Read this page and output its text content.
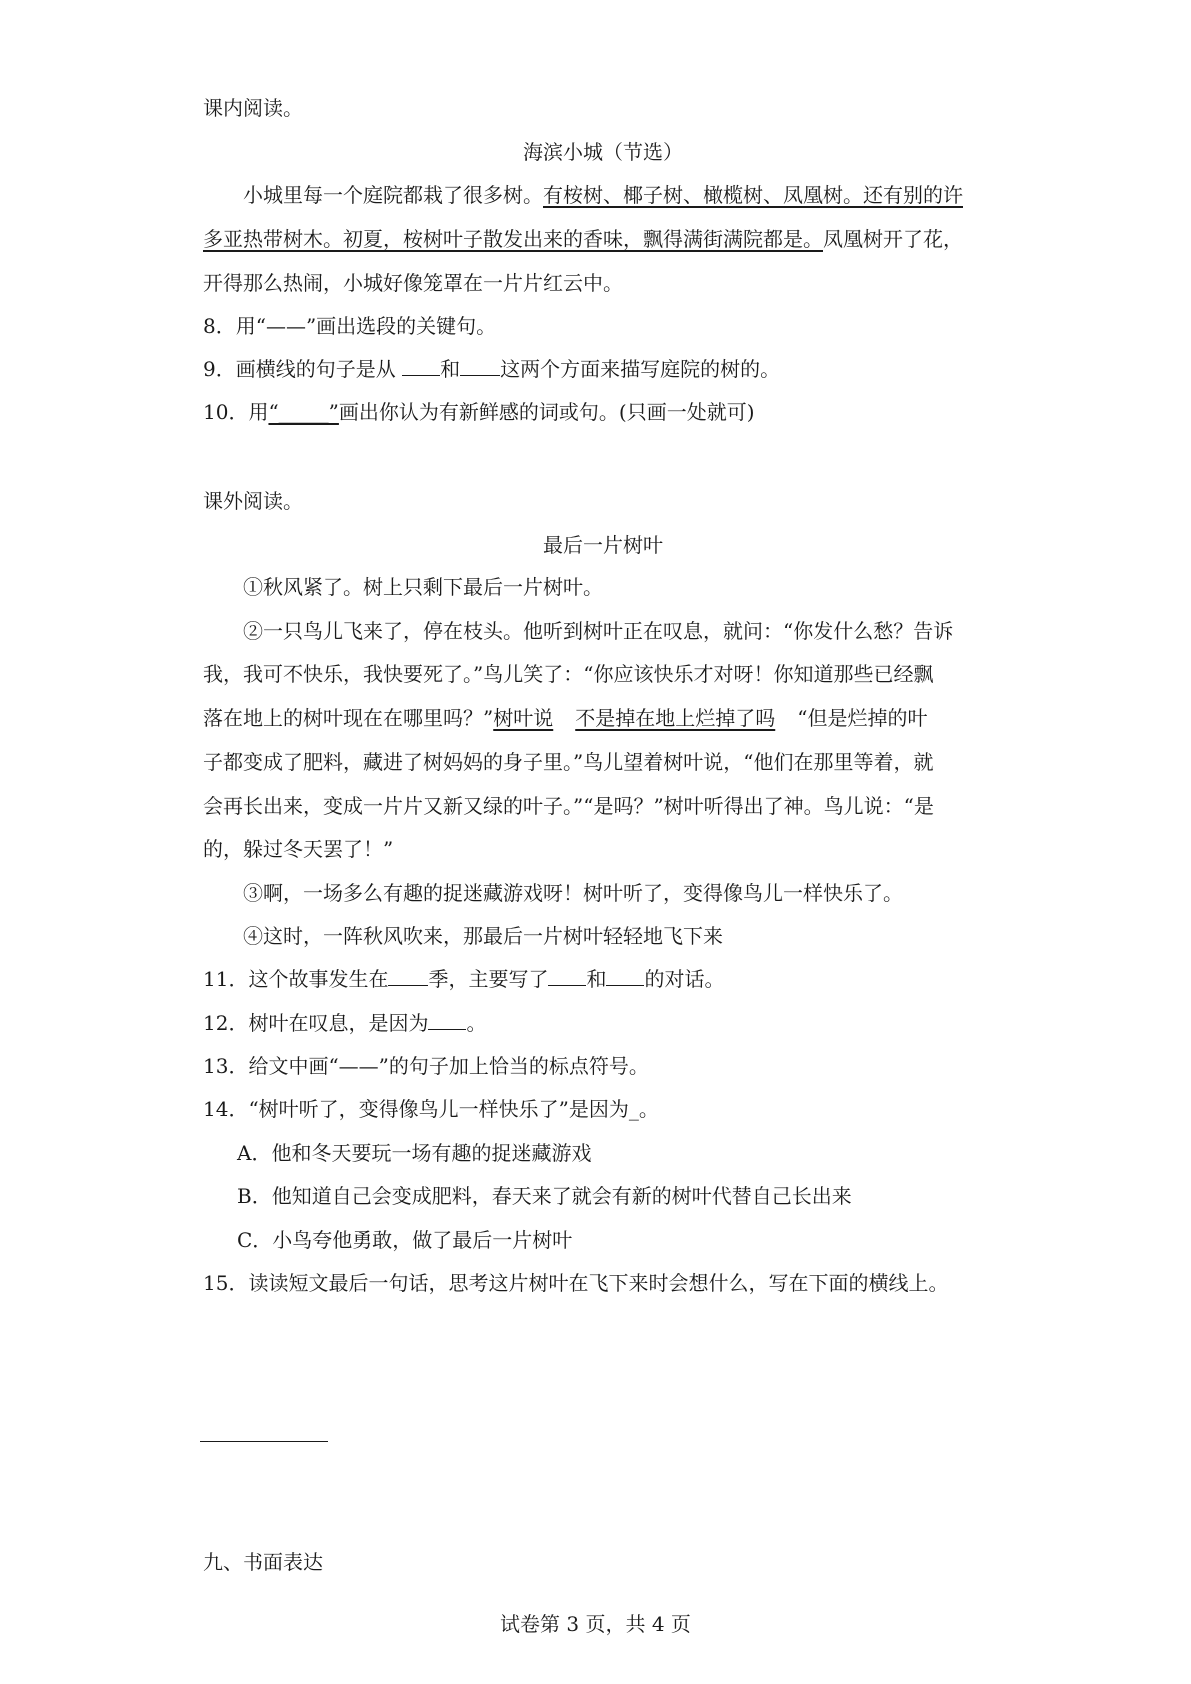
课内阅读。
海滨小城（节选）
小城里每一个庭院都栽了很多树。有桉树、椰子树、橄榄树、凤凰树。还有别的许
多亚热带树木。初夏，桉树叶子散发出来的香味，飘得满街满院都是。凤凰树开了花，
开得那么热闹，小城好像笼罩在一片片红云中。
8．用“——”画出选段的关键句。
9．画横线的句子是从 和 这两个方面来描写庭院的树的。
10．用“_____”画出你认为有新鲜感的词或句。(只画一处就可)
课外阅读。
最后一片树叶
①秋风紧了。树上只剩下最后一片树叶。
②一只鸟儿飞来了，停在枝头。他听到树叶正在叹息，就问：“你发什么愁？告诉
我，我可不快乐，我快要死了。”鸟儿笑了：“你应该快乐才对呀！你知道那些已经飘
落在地上的树叶现在在哪里吗？”树叶说 不是掉在地上烂掉了吗 “但是烂掉的叶
子都变成了肥料，藏进了树妈妈的身子里。”鸟儿望着树叶说，“他们在那里等着，就
会再长出来，变成一片片又新又绿的叶子。”“是吗？”树叶听得出了神。鸟儿说：“是
的，躲过冬天罢了！”
③啊，一场多么有趣的捉迷藏游戏呀！树叶听了，变得像鸟儿一样快乐了。
④这时，一阵秋风吹来，那最后一片树叶轻轻地飞下来
11．这个故事发生在 季，主要写了 和 的对话。
12．树叶在叹息，是因为 。
13．给文中画“——”的句子加上恰当的标点符号。
14．“树叶听了，变得像鸟儿一样快乐了”是因为_。
A．他和冬天要玩一场有趣的捉迷藏游戏
B．他知道自己会变成肥料，春天来了就会有新的树叶代替自己长出来
C．小鸟夸他勇敢，做了最后一片树叶
15．读读短文最后一句话，思考这片树叶在飞下来时会想什么，写在下面的横线上。
九、书面表达
试卷第 3 页，共 4 页
